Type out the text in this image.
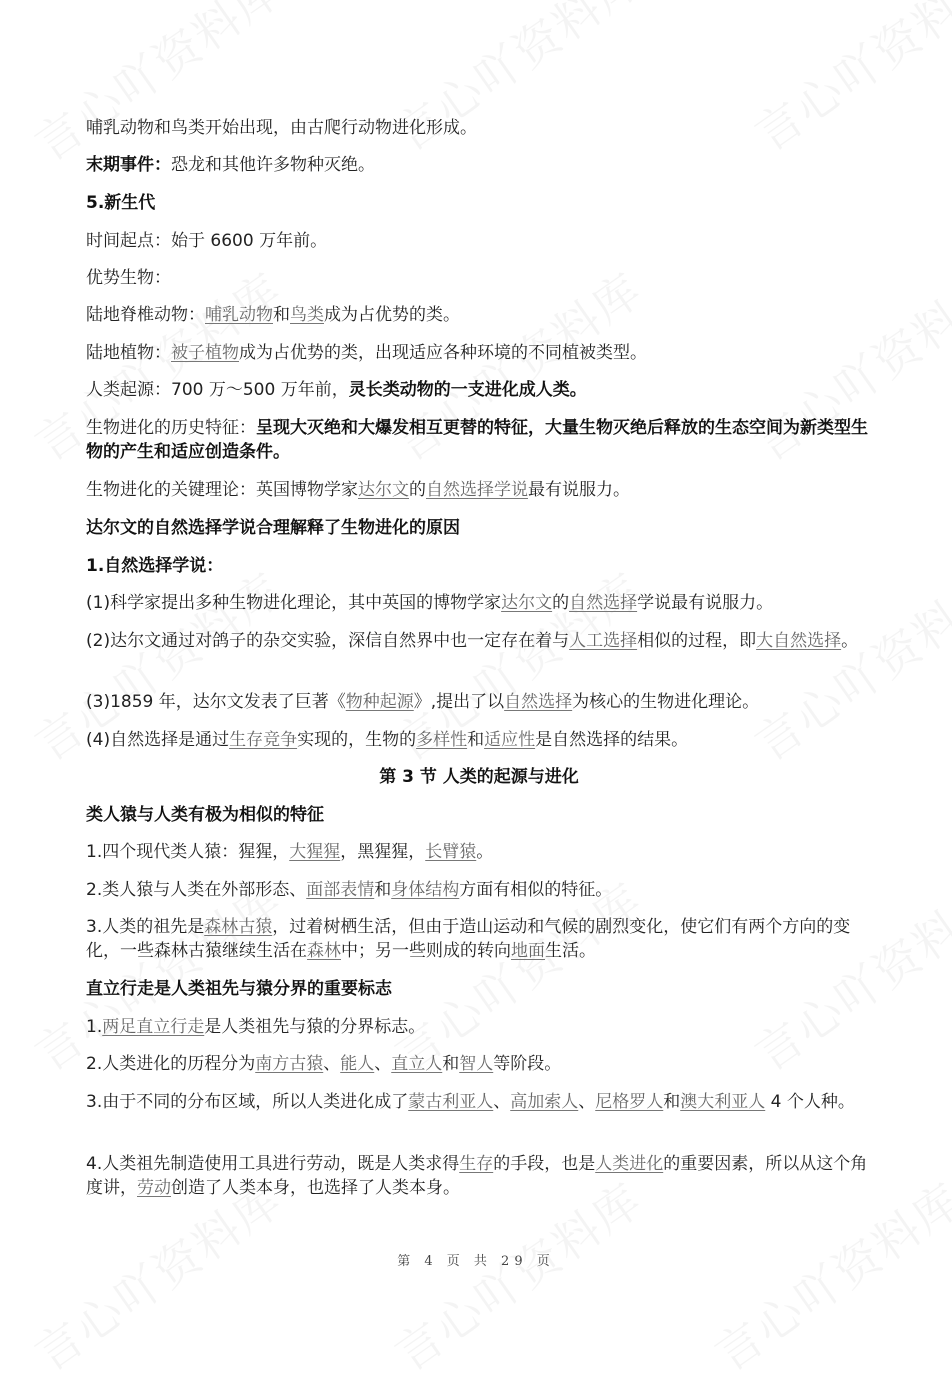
哺乳动物和鸟类开始出现，由古爬行动物进化形成。
末期事件：恐龙和其他许多物种灭绝。
5.新生代
时间起点：始于 6600 万年前。
优势生物：
陆地脊椎动物：哺乳动物和鸟类成为占优势的类。
陆地植物：被子植物成为占优势的类，出现适应各种环境的不同植被类型。
人类起源：700 万～500 万年前，灵长类动物的一支进化成人类。
生物进化的历史特征：呈现大灭绝和大爆发相互更替的特征，大量生物灭绝后释放的生态空间为新类型生物的产生和适应创造条件。
生物进化的关键理论：英国博物学家达尔文的自然选择学说最有说服力。
达尔文的自然选择学说合理解释了生物进化的原因
1.自然选择学说：
(1)科学家提出多种生物进化理论，其中英国的博物学家达尔文的自然选择学说最有说服力。
(2)达尔文通过对鸽子的杂交实验，深信自然界中也一定存在着与人工选择相似的过程，即大自然选择。
(3)1859 年，达尔文发表了巨著《物种起源》,提出了以自然选择为核心的生物进化理论。
(4)自然选择是通过生存竞争实现的，生物的多样性和适应性是自然选择的结果。
第 3 节 人类的起源与进化
类人猿与人类有极为相似的特征
1.四个现代类人猿：猩猩，大猩猩，黑猩猩，长臂猿。
2.类人猿与人类在外部形态、面部表情和身体结构方面有相似的特征。
3.人类的祖先是森林古猿，过着树栖生活，但由于造山运动和气候的剧烈变化，使它们有两个方向的变化，一些森林古猿继续生活在森林中；另一些则成的转向地面生活。
直立行走是人类祖先与猿分界的重要标志
1.两足直立行走是人类祖先与猿的分界标志。
2.人类进化的历程分为南方古猿、能人、直立人和智人等阶段。
3.由于不同的分布区域，所以人类进化成了蒙古利亚人、高加索人、尼格罗人和澳大利亚人 4 个人种。
4.人类祖先制造使用工具进行劳动，既是人类求得生存的手段，也是人类进化的重要因素，所以从这个角度讲，劳动创造了人类本身，也选择了人类本身。
第 4 页 共 29 页
